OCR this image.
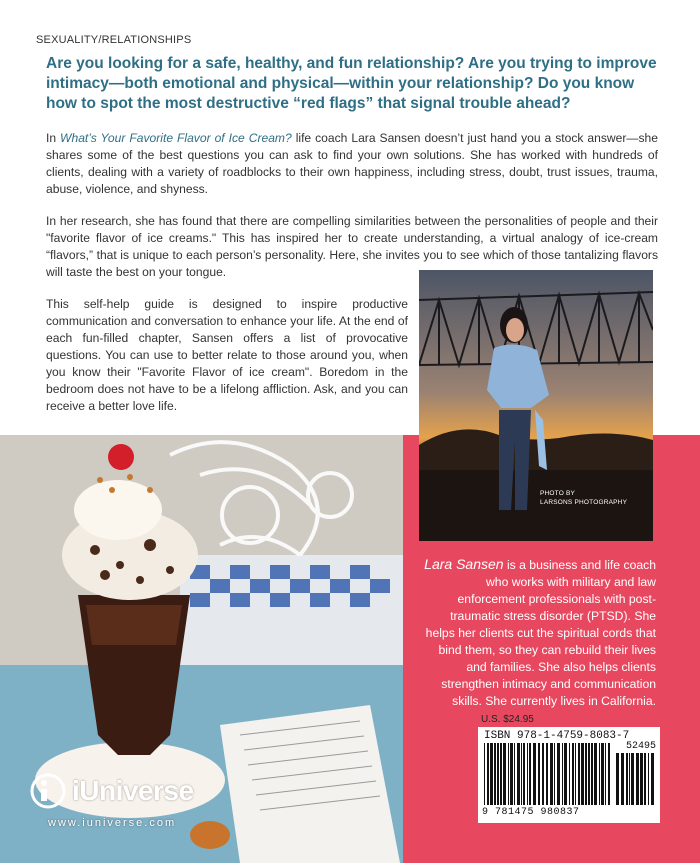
SEXUALITY/RELATIONSHIPS
Are you looking for a safe, healthy, and fun relationship? Are you trying to improve intimacy—both emotional and physical—within your relationship? Do you know how to spot the most destructive “red flags” that signal trouble ahead?

In What’s Your Favorite Flavor of Ice Cream? life coach Lara Sansen doesn’t just hand you a stock answer—she shares some of the best questions you can ask to find your own solutions. She has worked with hundreds of clients, dealing with a variety of roadblocks to their own happiness, including stress, doubt, trust issues, trauma, abuse, violence, and shyness.

In her research, she has found that there are compelling similarities between the personalities of people and their "favorite flavor of ice creams." This has inspired her to create understanding, a virtual analogy of ice-cream “flavors,” that is unique to each person’s personality. Here, she invites you to see which of those tantalizing flavors will taste the best on your tongue.

This self-help guide is designed to inspire productive communication and conversation to enhance your life. At the end of each fun-filled chapter, Sansen offers a list of provocative questions. You can use to better relate to those around you, when you know their "Favorite Flavor of ice cream". Boredom in the bedroom does not have to be a lifelong affliction. Ask, and you can receive a better love life.

PHOTO BY
LARSONS PHOTOGRAPHY
Lara Sansen is a business and life coach who works with military and law enforcement professionals with post-traumatic stress disorder (PTSD). She helps her clients cut the spiritual cords that bind them, so they can rebuild their lives and families. She also helps clients strengthen intimacy and communication skills. She currently lives in California.
U.S. $24.95
ISBN 978-1-4759-8083-7
52495
9 781475 980837
iUniverse
www.iuniverse.com
